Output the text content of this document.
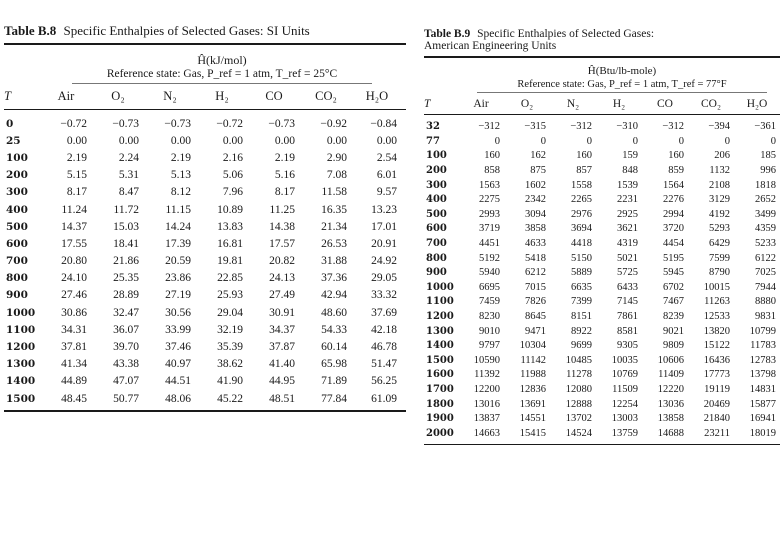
Table B.8 Specific Enthalpies of Selected Gases: SI Units
Ĥ(kJ/mol)
Reference state: Gas, P_ref = 1 atm, T_ref = 25°C
T	Air	O₂	N₂	H₂	CO	CO₂	H₂O
0	−0.72	−0.73	−0.73	−0.72	−0.73	−0.92	−0.84
25	0.00	0.00	0.00	0.00	0.00	0.00	0.00
100	2.19	2.24	2.19	2.16	2.19	2.90	2.54
200	5.15	5.31	5.13	5.06	5.16	7.08	6.01
300	8.17	8.47	8.12	7.96	8.17	11.58	9.57
400	11.24	11.72	11.15	10.89	11.25	16.35	13.23
500	14.37	15.03	14.24	13.83	14.38	21.34	17.01
600	17.55	18.41	17.39	16.81	17.57	26.53	20.91
700	20.80	21.86	20.59	19.81	20.82	31.88	24.92
800	24.10	25.35	23.86	22.85	24.13	37.36	29.05
900	27.46	28.89	27.19	25.93	27.49	42.94	33.32
1000	30.86	32.47	30.56	29.04	30.91	48.60	37.69
1100	34.31	36.07	33.99	32.19	34.37	54.33	42.18
1200	37.81	39.70	37.46	35.39	37.87	60.14	46.78
1300	41.34	43.38	40.97	38.62	41.40	65.98	51.47
1400	44.89	47.07	44.51	41.90	44.95	71.89	56.25
1500	48.45	50.77	48.06	45.22	48.51	77.84	61.09
Table B.9 Specific Enthalpies of Selected Gases:
American Engineering Units
Ĥ(Btu/lb-mole)
Reference state: Gas, P_ref = 1 atm, T_ref = 77°F
T	Air	O₂	N₂	H₂	CO	CO₂	H₂O
32	−312	−315	−312	−310	−312	−394	−361
77	0	0	0	0	0	0	0
100	160	162	160	159	160	206	185
200	858	875	857	848	859	1132	996
300	1563	1602	1558	1539	1564	2108	1818
400	2275	2342	2265	2231	2276	3129	2652
500	2993	3094	2976	2925	2994	4192	3499
600	3719	3858	3694	3621	3720	5293	4359
700	4451	4633	4418	4319	4454	6429	5233
800	5192	5418	5150	5021	5195	7599	6122
900	5940	6212	5889	5725	5945	8790	7025
1000	6695	7015	6635	6433	6702	10015	7944
1100	7459	7826	7399	7145	7467	11263	8880
1200	8230	8645	8151	7861	8239	12533	9831
1300	9010	9471	8922	8581	9021	13820	10799
1400	9797	10304	9699	9305	9809	15122	11783
1500	10590	11142	10485	10035	10606	16436	12783
1600	11392	11988	11278	10769	11409	17773	13798
1700	12200	12836	12080	11509	12220	19119	14831
1800	13016	13691	12888	12254	13036	20469	15877
1900	13837	14551	13702	13003	13858	21840	16941
2000	14663	15415	14524	13759	14688	23211	18019
